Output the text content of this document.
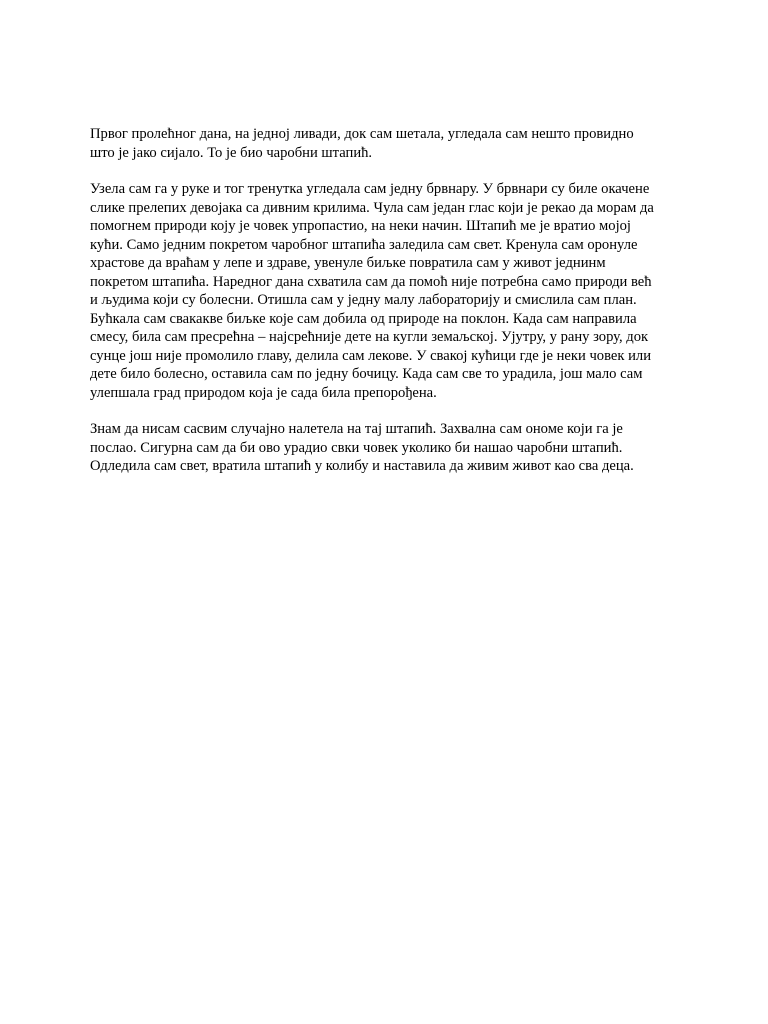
Првог пролећног дана, на једној ливади, док сам шетала, угледала сам нешто провидно
што је јако сијало. То је био чаробни штапић.

Узела сам га у руке и тог тренутка угледала сам једну брвнару. У брвнари су биле окачене
слике прелепих девојака са дивним крилима. Чула сам један глас који је рекао да морам да
помогнем природи коју је човек упропастио, на неки начин. Штапић ме је вратио мојој
кући. Само једним покретом чаробног штапића заледила сам свет. Кренула сам оронуле
храстове да враћам у лепе и здраве, увенуле биљке повратила сам у живот једнинм
покретом штапића. Наредног дана схватила сам да помоћ није потребна само природи већ
и људима који су болесни. Отишла сам у једну малу лабораторију и смислила сам план.
Бућкала сам свакакве биљке које сам добила од природе на поклон. Када сам направила
смесу, била сам пресрећна – најсрећније дете на кугли земаљској. Ујутру, у рану зору, док
сунце још није промолило главу, делила сам лекове. У свакој кућици где је неки човек или
дете било болесно, оставила сам по једну бочицу. Када сам све то урадила, још мало сам
улепшала град природом која је сада била препорођена.

Знам да нисам сасвим случајно налетела на тај штапић. Захвална сам ономе који га је
послао. Сигурна сам да би ово урадио свки човек уколико би нашао чаробни штапић.
Одледила сам свет, вратила штапић у колибу и наставила да живим живот као сва деца.
